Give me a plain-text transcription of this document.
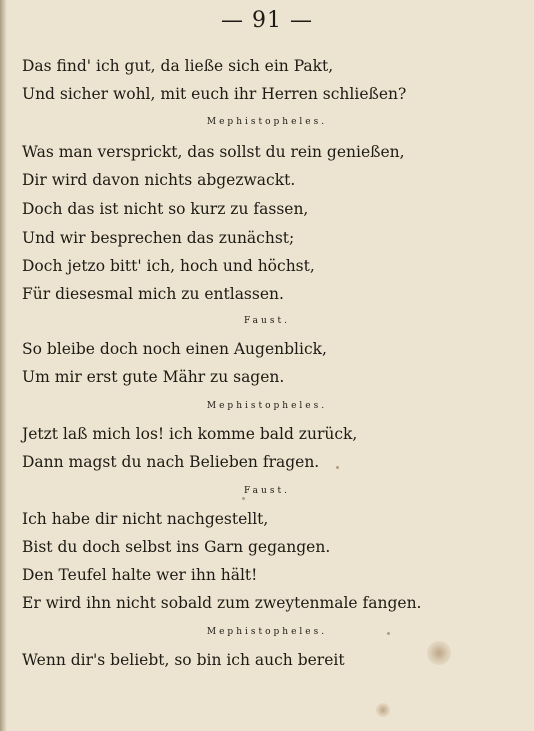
— 91 —
Das find' ich gut, da ließe sich ein Pakt,
Und sicher wohl, mit euch ihr Herren schließen?
Mephistopheles.
Was man versprickt, das sollst du rein genießen,
Dir wird davon nichts abgezwackt.
Doch das ist nicht so kurz zu fassen,
Und wir besprechen das zunächst;
Doch jetzo bitt' ich, hoch und höchst,
Für diesesmal mich zu entlassen.
Faust.
So bleibe doch noch einen Augenblick,
Um mir erst gute Mähr zu sagen.
Mephistopheles.
Jetzt laß mich los! ich komme bald zurück,
Dann magst du nach Belieben fragen.
Faust.
Ich habe dir nicht nachgestellt,
Bist du doch selbst ins Garn gegangen.
Den Teufel halte wer ihn hält!
Er wird ihn nicht sobald zum zweytenmale fangen.
Mephistopheles.
Wenn dir's beliebt, so bin ich auch bereit
